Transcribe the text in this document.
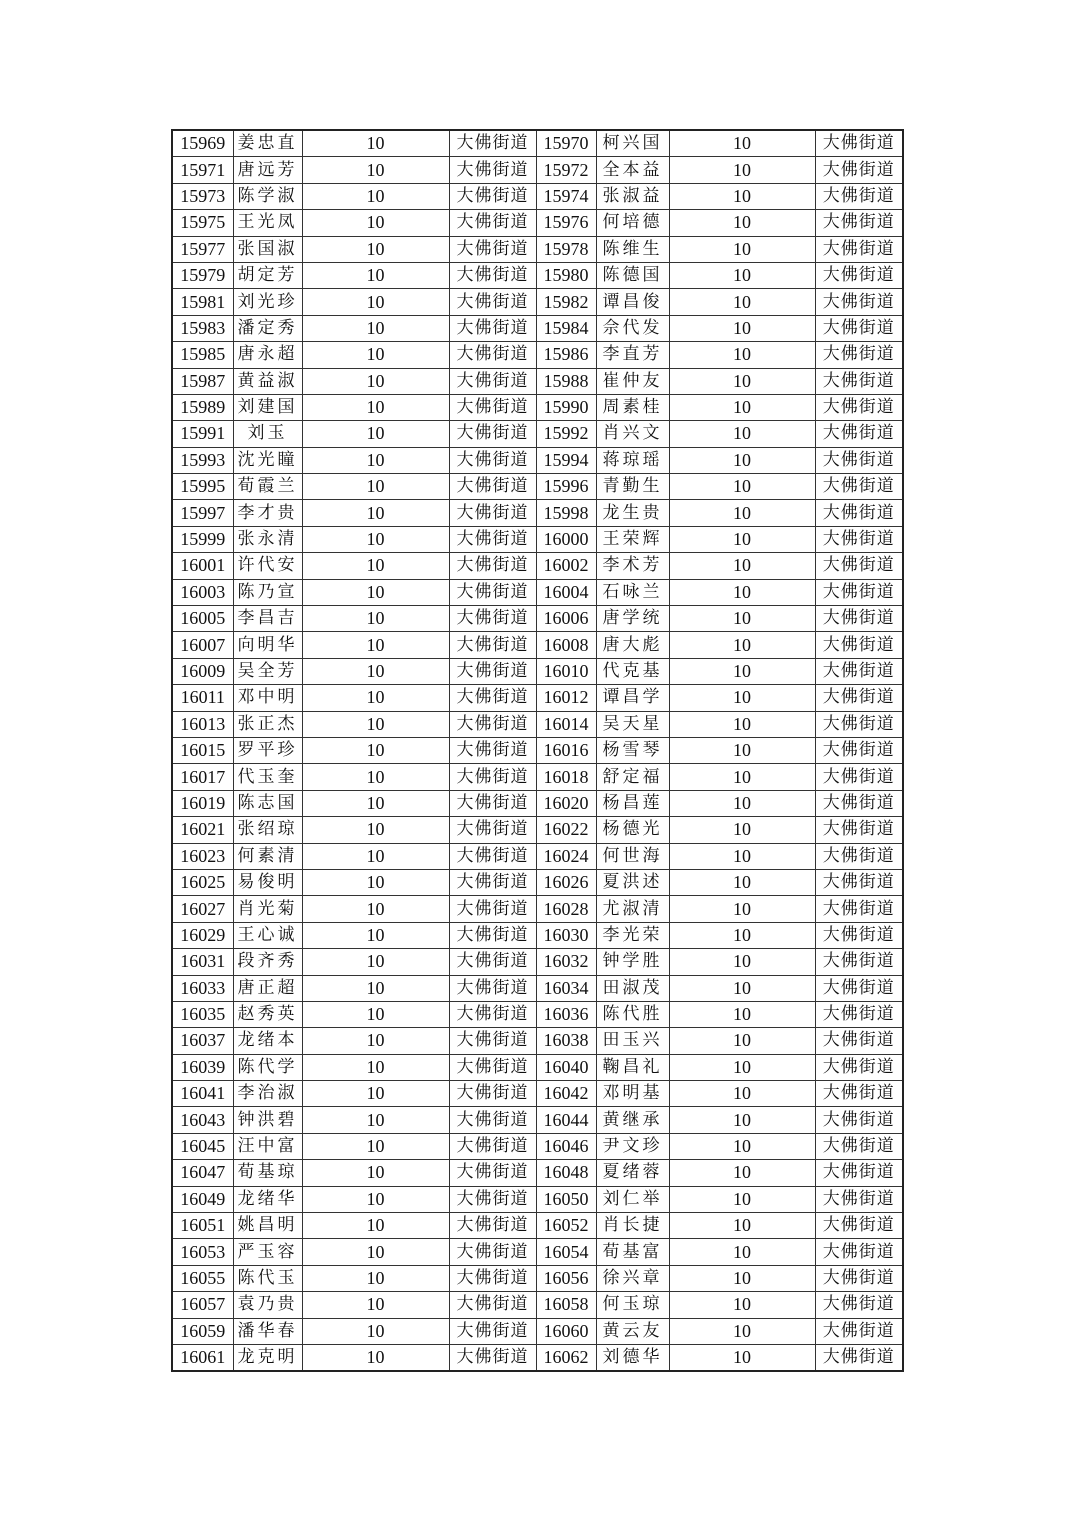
15969	姜忠直	10	大佛街道	15970	柯兴国	10	大佛街道
15971	唐远芳	10	大佛街道	15972	全本益	10	大佛街道
15973	陈学淑	10	大佛街道	15974	张淑益	10	大佛街道
15975	王光凤	10	大佛街道	15976	何培德	10	大佛街道
15977	张国淑	10	大佛街道	15978	陈维生	10	大佛街道
15979	胡定芳	10	大佛街道	15980	陈德国	10	大佛街道
15981	刘光珍	10	大佛街道	15982	谭昌俊	10	大佛街道
15983	潘定秀	10	大佛街道	15984	佘代发	10	大佛街道
15985	唐永超	10	大佛街道	15986	李直芳	10	大佛街道
15987	黄益淑	10	大佛街道	15988	崔仲友	10	大佛街道
15989	刘建国	10	大佛街道	15990	周素桂	10	大佛街道
15991	刘玉	10	大佛街道	15992	肖兴文	10	大佛街道
15993	沈光瞳	10	大佛街道	15994	蒋琼瑶	10	大佛街道
15995	荀霞兰	10	大佛街道	15996	青勤生	10	大佛街道
15997	李才贵	10	大佛街道	15998	龙生贵	10	大佛街道
15999	张永清	10	大佛街道	16000	王荣辉	10	大佛街道
16001	许代安	10	大佛街道	16002	李术芳	10	大佛街道
16003	陈乃宣	10	大佛街道	16004	石咏兰	10	大佛街道
16005	李昌吉	10	大佛街道	16006	唐学统	10	大佛街道
16007	向明华	10	大佛街道	16008	唐大彪	10	大佛街道
16009	吴全芳	10	大佛街道	16010	代克基	10	大佛街道
16011	邓中明	10	大佛街道	16012	谭昌学	10	大佛街道
16013	张正杰	10	大佛街道	16014	吴天星	10	大佛街道
16015	罗平珍	10	大佛街道	16016	杨雪琴	10	大佛街道
16017	代玉奎	10	大佛街道	16018	舒定福	10	大佛街道
16019	陈志国	10	大佛街道	16020	杨昌莲	10	大佛街道
16021	张绍琼	10	大佛街道	16022	杨德光	10	大佛街道
16023	何素清	10	大佛街道	16024	何世海	10	大佛街道
16025	易俊明	10	大佛街道	16026	夏洪述	10	大佛街道
16027	肖光菊	10	大佛街道	16028	尤淑清	10	大佛街道
16029	王心诚	10	大佛街道	16030	李光荣	10	大佛街道
16031	段齐秀	10	大佛街道	16032	钟学胜	10	大佛街道
16033	唐正超	10	大佛街道	16034	田淑茂	10	大佛街道
16035	赵秀英	10	大佛街道	16036	陈代胜	10	大佛街道
16037	龙绪本	10	大佛街道	16038	田玉兴	10	大佛街道
16039	陈代学	10	大佛街道	16040	鞠昌礼	10	大佛街道
16041	李治淑	10	大佛街道	16042	邓明基	10	大佛街道
16043	钟洪碧	10	大佛街道	16044	黄继承	10	大佛街道
16045	汪中富	10	大佛街道	16046	尹文珍	10	大佛街道
16047	荀基琼	10	大佛街道	16048	夏绪蓉	10	大佛街道
16049	龙绪华	10	大佛街道	16050	刘仁举	10	大佛街道
16051	姚昌明	10	大佛街道	16052	肖长捷	10	大佛街道
16053	严玉容	10	大佛街道	16054	荀基富	10	大佛街道
16055	陈代玉	10	大佛街道	16056	徐兴章	10	大佛街道
16057	袁乃贵	10	大佛街道	16058	何玉琼	10	大佛街道
16059	潘华春	10	大佛街道	16060	黄云友	10	大佛街道
16061	龙克明	10	大佛街道	16062	刘德华	10	大佛街道
